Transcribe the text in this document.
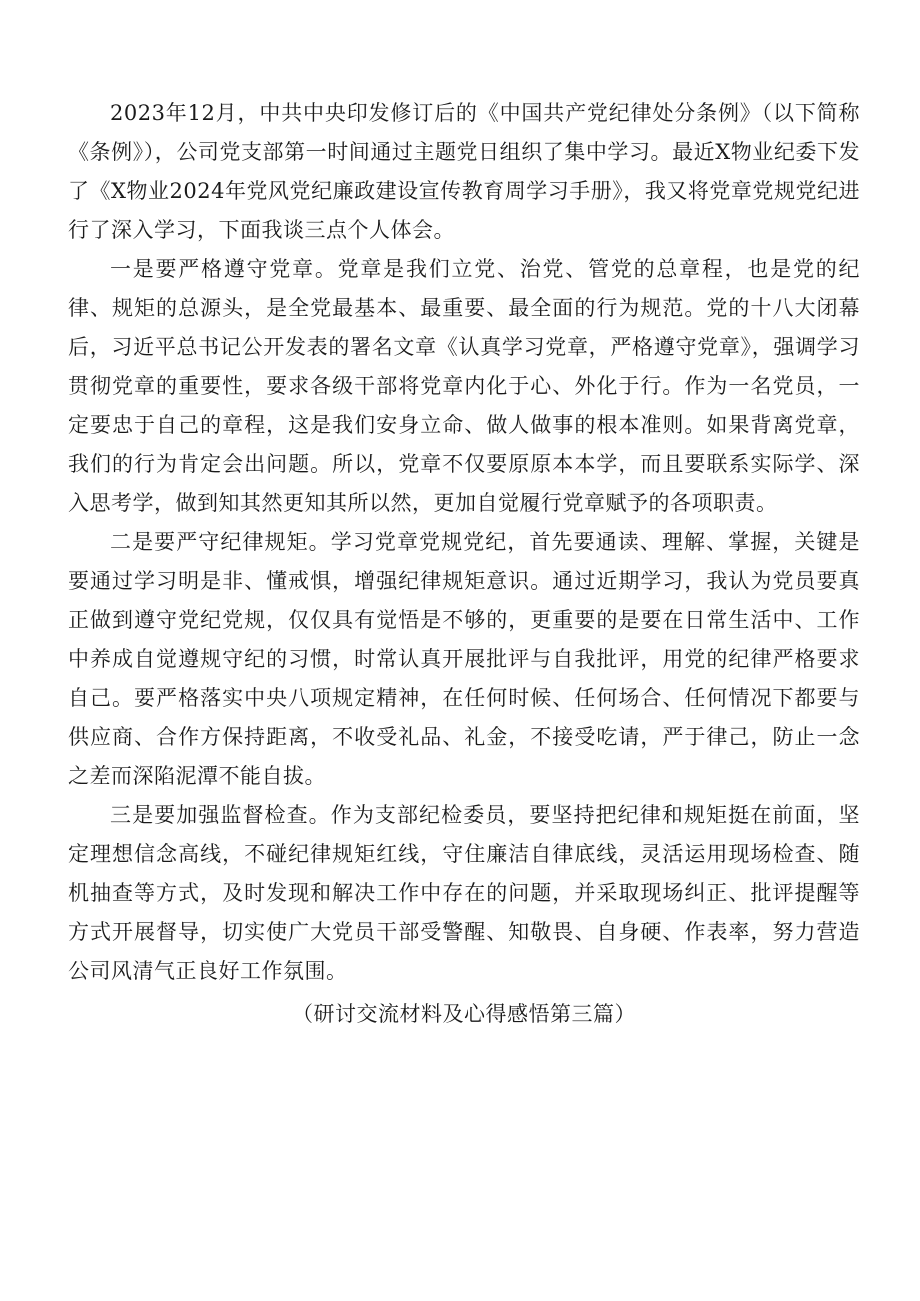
2023年12月，中共中央印发修订后的《中国共产党纪律处分条例》（以下简称《条例》），公司党支部第一时间通过主题党日组织了集中学习。最近X物业纪委下发了《X物业2024年党风党纪廉政建设宣传教育周学习手册》，我又将党章党规党纪进行了深入学习，下面我谈三点个人体会。

一是要严格遵守党章。党章是我们立党、治党、管党的总章程，也是党的纪律、规矩的总源头，是全党最基本、最重要、最全面的行为规范。党的十八大闭幕后，习近平总书记公开发表的署名文章《认真学习党章，严格遵守党章》，强调学习贯彻党章的重要性，要求各级干部将党章内化于心、外化于行。作为一名党员，一定要忠于自己的章程，这是我们安身立命、做人做事的根本准则。如果背离党章，我们的行为肯定会出问题。所以，党章不仅要原原本本学，而且要联系实际学、深入思考学，做到知其然更知其所以然，更加自觉履行党章赋予的各项职责。

二是要严守纪律规矩。学习党章党规党纪，首先要通读、理解、掌握，关键是要通过学习明是非、懂戒惧，增强纪律规矩意识。通过近期学习，我认为党员要真正做到遵守党纪党规，仅仅具有觉悟是不够的，更重要的是要在日常生活中、工作中养成自觉遵规守纪的习惯，时常认真开展批评与自我批评，用党的纪律严格要求自己。要严格落实中央八项规定精神，在任何时候、任何场合、任何情况下都要与供应商、合作方保持距离，不收受礼品、礼金，不接受吃请，严于律己，防止一念之差而深陷泥潭不能自拔。

三是要加强监督检查。作为支部纪检委员，要坚持把纪律和规矩挺在前面，坚定理想信念高线，不碰纪律规矩红线，守住廉洁自律底线，灵活运用现场检查、随机抽查等方式，及时发现和解决工作中存在的问题，并采取现场纠正、批评提醒等方式开展督导，切实使广大党员干部受警醒、知敬畏、自身硬、作表率，努力营造公司风清气正良好工作氛围。

（研讨交流材料及心得感悟第三篇）
